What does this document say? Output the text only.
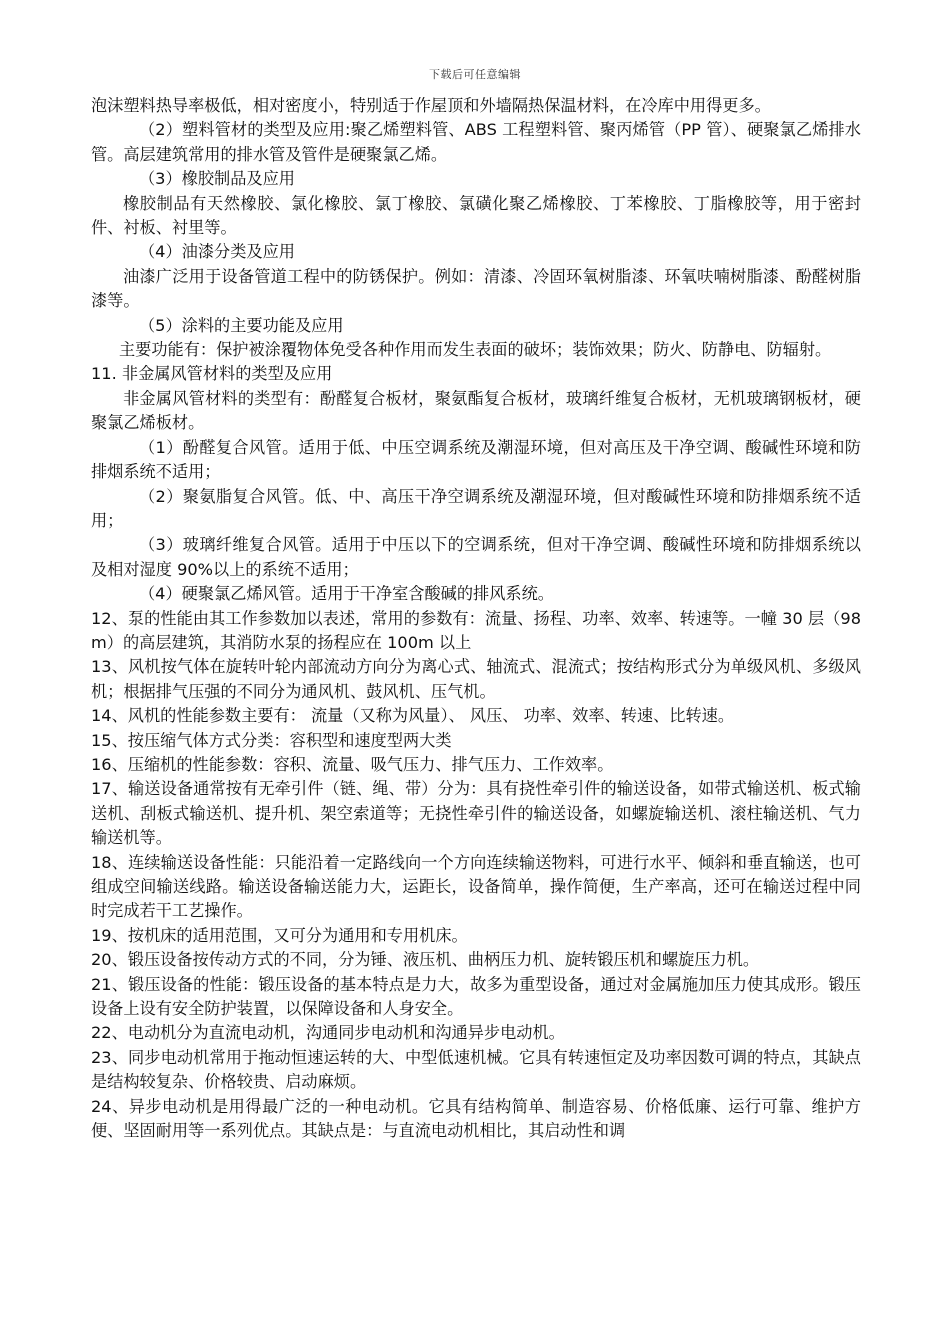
下载后可任意编辑

泡沫塑料热导率极低，相对密度小，特别适于作屋顶和外墙隔热保温材料，在冷库中用得更多。

（2）塑料管材的类型及应用:聚乙烯塑料管、ABS 工程塑料管、聚丙烯管（PP 管）、硬聚氯乙烯排水管。高层建筑常用的排水管及管件是硬聚氯乙烯。

（3）橡胶制品及应用

橡胶制品有天然橡胶、氯化橡胶、氯丁橡胶、氯磺化聚乙烯橡胶、丁苯橡胶、丁脂橡胶等，用于密封件、衬板、衬里等。

（4）油漆分类及应用

油漆广泛用于设备管道工程中的防锈保护。例如：清漆、冷固环氧树脂漆、环氧呋喃树脂漆、酚醛树脂漆等。

（5）涂料的主要功能及应用

主要功能有：保护被涂覆物体免受各种作用而发生表面的破坏；装饰效果；防火、防静电、防辐射。

11. 非金属风管材料的类型及应用

非金属风管材料的类型有：酚醛复合板材，聚氨酯复合板材，玻璃纤维复合板材，无机玻璃钢板材，硬聚氯乙烯板材。

（1）酚醛复合风管。适用于低、中压空调系统及潮湿环境，但对高压及干净空调、酸碱性环境和防排烟系统不适用；

（2）聚氨脂复合风管。低、中、高压干净空调系统及潮湿环境，但对酸碱性环境和防排烟系统不适用；

（3）玻璃纤维复合风管。适用于中压以下的空调系统，但对干净空调、酸碱性环境和防排烟系统以及相对湿度 90%以上的系统不适用；

（4）硬聚氯乙烯风管。适用于干净室含酸碱的排风系统。

12、泵的性能由其工作参数加以表述，常用的参数有：流量、扬程、功率、效率、转速等。一幢 30 层（98m）的高层建筑，其消防水泵的扬程应在 100m 以上

13、风机按气体在旋转叶轮内部流动方向分为离心式、轴流式、混流式；按结构形式分为单级风机、多级风机；根据排气压强的不同分为通风机、鼓风机、压气机。

14、风机的性能参数主要有： 流量（又称为风量）、 风压、 功率、效率、转速、比转速。

15、按压缩气体方式分类：容积型和速度型两大类

16、压缩机的性能参数：容积、流量、吸气压力、排气压力、工作效率。

17、输送设备通常按有无牵引件（链、绳、带）分为：具有挠性牵引件的输送设备，如带式输送机、板式输送机、刮板式输送机、提升机、架空索道等；无挠性牵引件的输送设备，如螺旋输送机、滚柱输送机、气力输送机等。

18、连续输送设备性能：只能沿着一定路线向一个方向连续输送物料，可进行水平、倾斜和垂直输送，也可组成空间输送线路。输送设备输送能力大，运距长，设备简单，操作简便，生产率高，还可在输送过程中同时完成若干工艺操作。

19、按机床的适用范围，又可分为通用和专用机床。

20、锻压设备按传动方式的不同，分为锤、液压机、曲柄压力机、旋转锻压机和螺旋压力机。

21、锻压设备的性能：锻压设备的基本特点是力大，故多为重型设备，通过对金属施加压力使其成形。锻压设备上设有安全防护装置，以保障设备和人身安全。

22、电动机分为直流电动机，沟通同步电动机和沟通异步电动机。

23、同步电动机常用于拖动恒速运转的大、中型低速机械。它具有转速恒定及功率因数可调的特点，其缺点是结构较复杂、价格较贵、启动麻烦。

24、异步电动机是用得最广泛的一种电动机。它具有结构简单、制造容易、价格低廉、运行可靠、维护方便、坚固耐用等一系列优点。其缺点是：与直流电动机相比，其启动性和调
